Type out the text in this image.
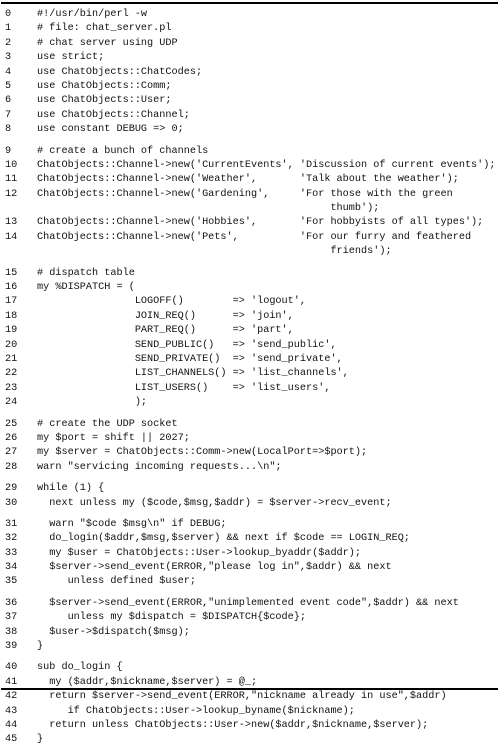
0	#!/usr/bin/perl -w
1	# file: chat_server.pl
2	# chat server using UDP
3	use strict;
4	use ChatObjects::ChatCodes;
5	use ChatObjects::Comm;
6	use ChatObjects::User;
7	use ChatObjects::Channel;
8	use constant DEBUG => 0;
9	# create a bunch of channels
10	ChatObjects::Channel->new('CurrentEvents', 'Discussion of current events');
11	ChatObjects::Channel->new('Weather',       'Talk about the weather');
12	ChatObjects::Channel->new('Gardening',     'For those with the green
thumb');
13	ChatObjects::Channel->new('Hobbies',       'For hobbyists of all types');
14	ChatObjects::Channel->new('Pets',          'For our furry and feathered
friends');
15	# dispatch table
16	my %DISPATCH = (
17	LOGOFF()        => 'logout',
18	JOIN_REQ()      => 'join',
19	PART_REQ()      => 'part',
20	SEND_PUBLIC()   => 'send_public',
21	SEND_PRIVATE()  => 'send_private',
22	LIST_CHANNELS() => 'list_channels',
23	LIST_USERS()    => 'list_users',
24	);
25	# create the UDP socket
26	my $port = shift || 2027;
27	my $server = ChatObjects::Comm->new(LocalPort=>$port);
28	warn "servicing incoming requests...\n";
29	while (1) {
30	next unless my ($code,$msg,$addr) = $server->recv_event;
31	warn "$code $msg\n" if DEBUG;
32	do_login($addr,$msg,$server) && next if $code == LOGIN_REQ;
33	my $user = ChatObjects::User->lookup_byaddr($addr);
34	$server->send_event(ERROR,"please log in",$addr) && next
35	unless defined $user;
36	$server->send_event(ERROR,"unimplemented event code",$addr) && next
37	unless my $dispatch = $DISPATCH{$code};
38	$user->$dispatch($msg);
39	}
40	sub do_login {
41	my ($addr,$nickname,$server) = @_;
42	return $server->send_event(ERROR,"nickname already in use",$addr)
43	if ChatObjects::User->lookup_byname($nickname);
44	return unless ChatObjects::User->new($addr,$nickname,$server);
45	}
